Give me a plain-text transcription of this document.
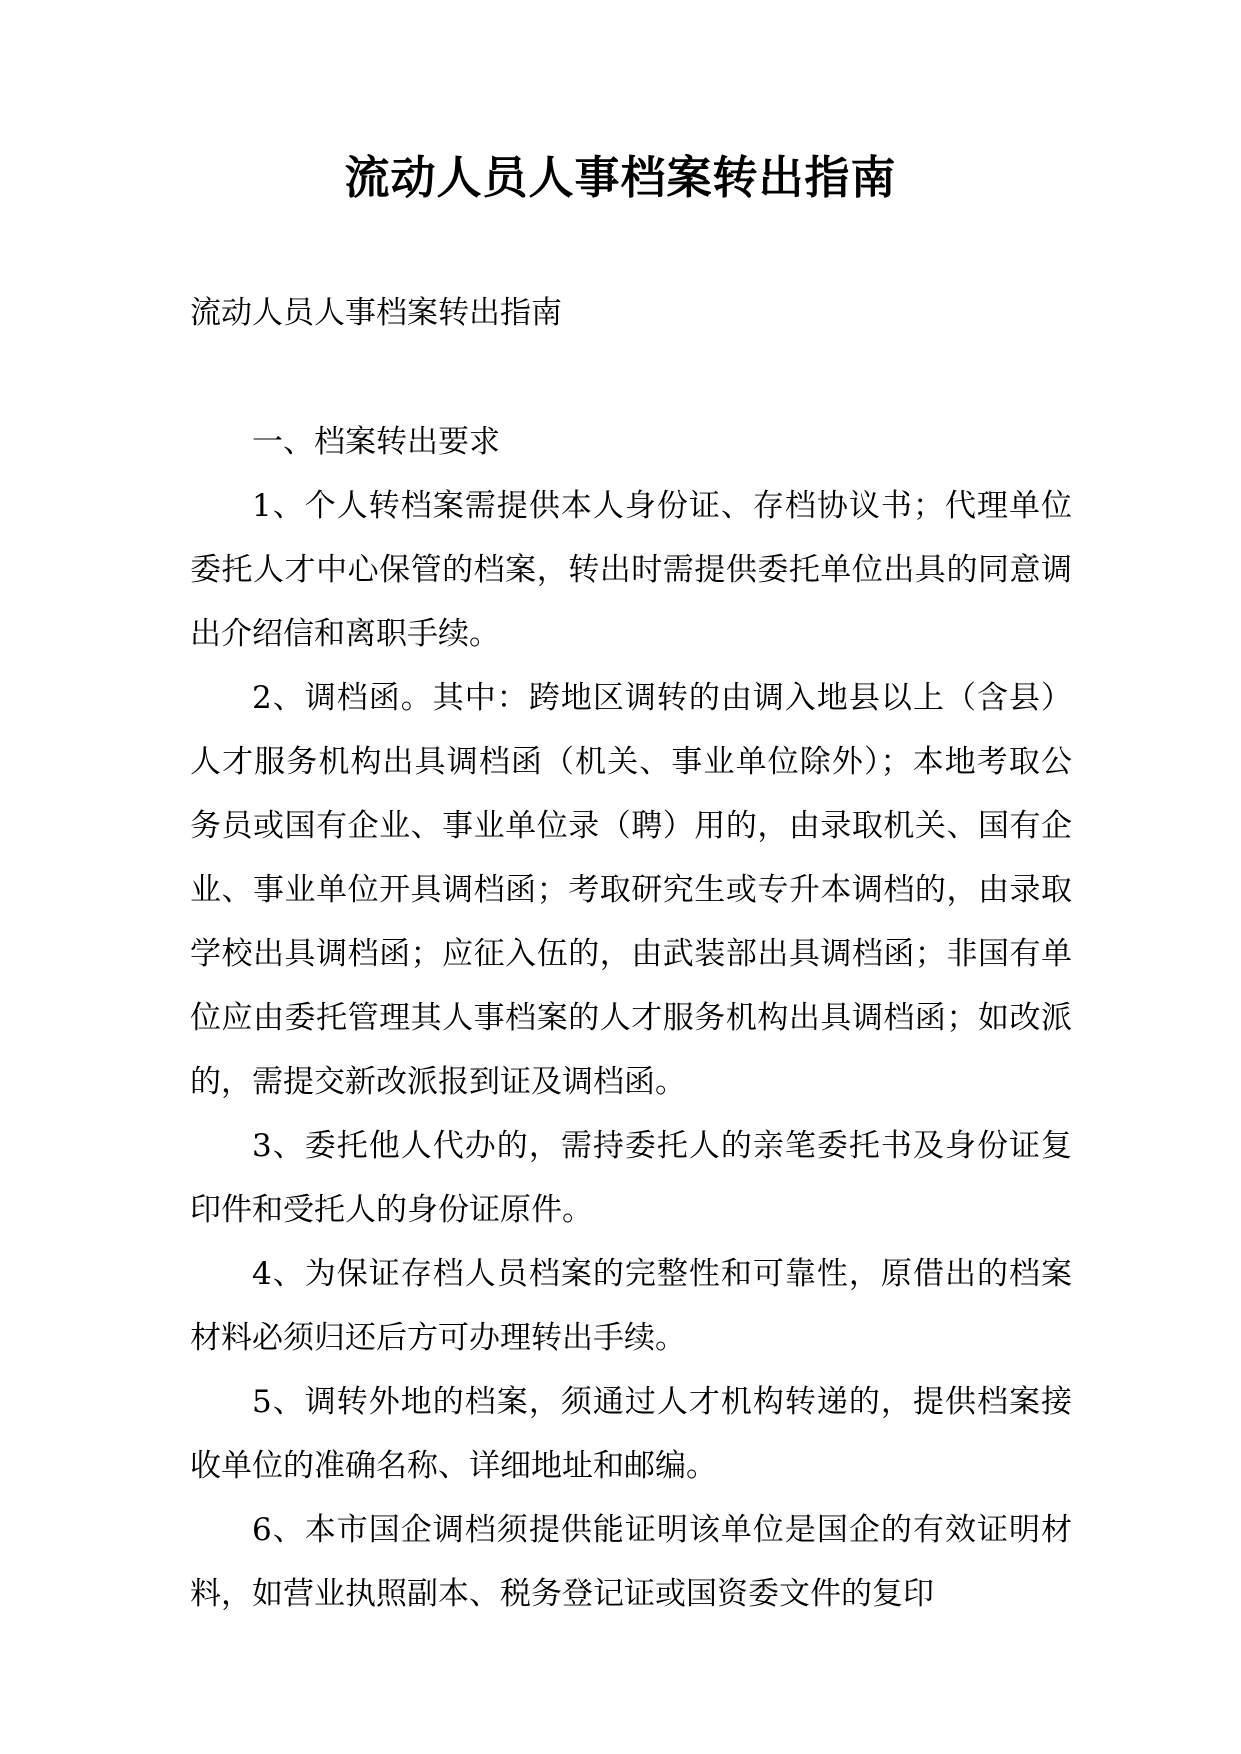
流动人员人事档案转出指南
流动人员人事档案转出指南

一、档案转出要求

1、个人转档案需提供本人身份证、存档协议书；代理单位委托人才中心保管的档案，转出时需提供委托单位出具的同意调出介绍信和离职手续。

2、调档函。其中：跨地区调转的由调入地县以上（含县）人才服务机构出具调档函（机关、事业单位除外）；本地考取公务员或国有企业、事业单位录（聘）用的，由录取机关、国有企业、事业单位开具调档函；考取研究生或专升本调档的，由录取学校出具调档函；应征入伍的，由武装部出具调档函；非国有单位应由委托管理其人事档案的人才服务机构出具调档函；如改派的，需提交新改派报到证及调档函。

3、委托他人代办的，需持委托人的亲笔委托书及身份证复印件和受托人的身份证原件。

4、为保证存档人员档案的完整性和可靠性，原借出的档案材料必须归还后方可办理转出手续。

5、调转外地的档案，须通过人才机构转递的，提供档案接收单位的准确名称、详细地址和邮编。

6、本市国企调档须提供能证明该单位是国企的有效证明材料，如营业执照副本、税务登记证或国资委文件的复印
